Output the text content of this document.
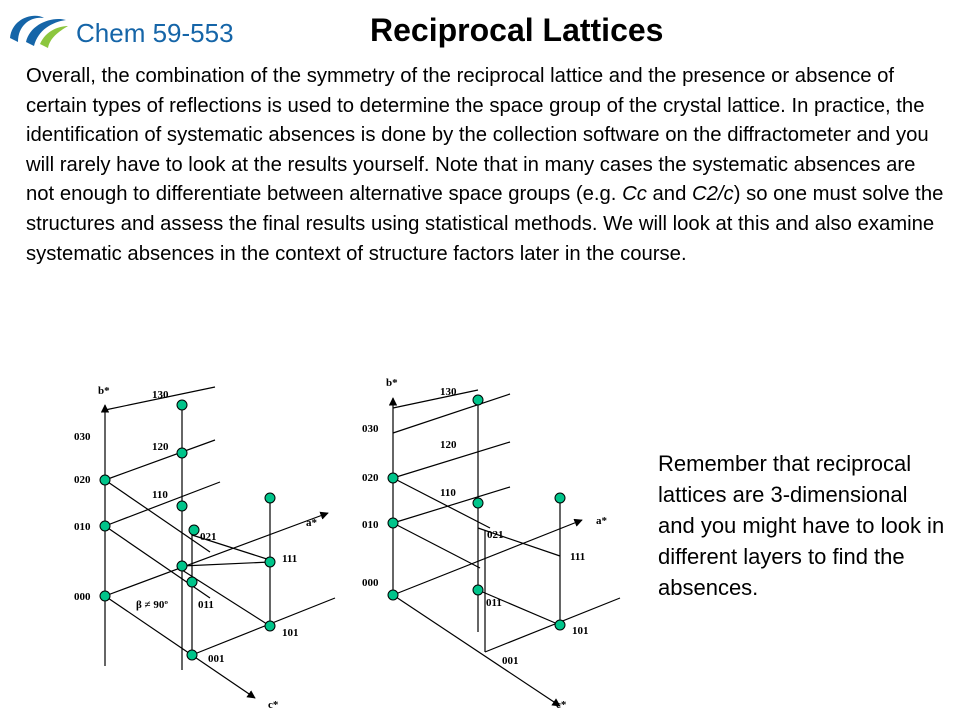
Chem 59-553	Reciprocal Lattices

Overall, the combination of the symmetry of the reciprocal lattice and the presence or absence of certain types of reflections is used to determine the space group of the crystal lattice. In practice, the identification of systematic absences is done by the collection software on the diffractometer and you will rarely have to look at the results yourself. Note that in many cases the systematic absences are not enough to differentiate between alternative space groups (e.g. Cc and C2/c) so one must solve the structures and assess the final results using statistical methods. We will look at this and also examine systematic absences in the context of structure factors later in the course.

Remember that reciprocal lattices are 3-dimensional and you might have to look in different layers to find the absences.

b*
a*
c*
000
010
020
030
110
120
130
001
011
021
101
111
β ≠ 90º
b*
a*
c*
000
010
020
030
110
120
130
001
011
021
101
111
